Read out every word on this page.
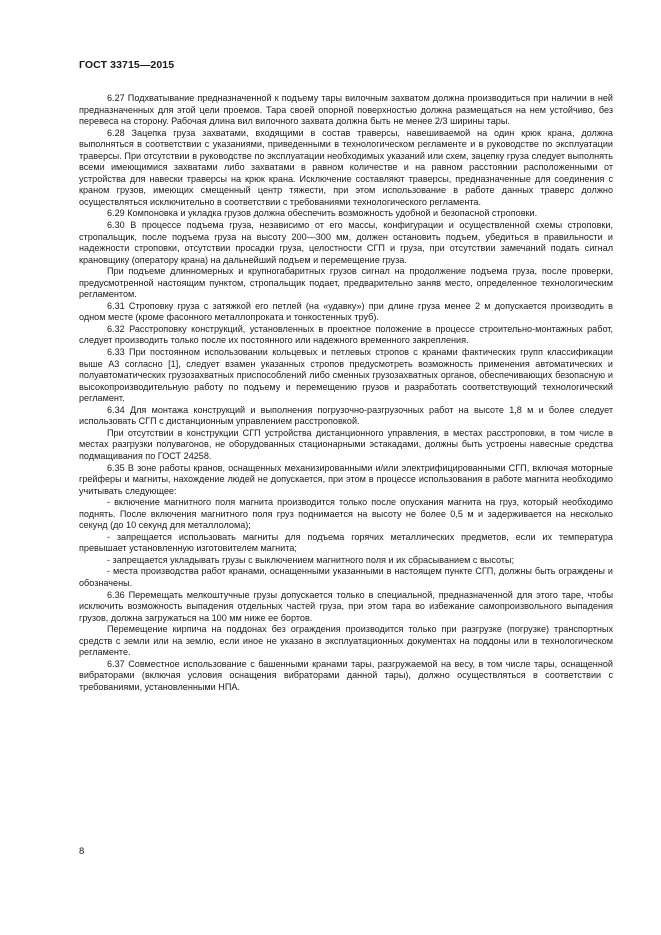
ГОСТ 33715—2015

6.27 Подхватывание предназначенной к подъему тары вилочным захватом должна производиться при наличии в ней предназначенных для этой цели проемов. Тара своей опорной поверхностью должна размещаться на нем устойчиво, без перевеса на сторону. Рабочая длина вил вилочного захвата должна быть не менее 2/3 ширины тары.

6.28 Зацепка груза захватами, входящими в состав траверсы, навешиваемой на один крюк крана, должна выполняться в соответствии с указаниями, приведенными в технологическом регламенте и в руководстве по эксплуатации траверсы. При отсутствии в руководстве по эксплуатации необходимых указаний или схем, зацепку груза следует выполнять всеми имеющимися захватами либо захватами в равном количестве и на равном расстоянии расположенными от устройства для навески траверсы на крюк крана. Исключение составляют траверсы, предназначенные для соединения с краном грузов, имеющих смещенный центр тяжести, при этом использование в работе данных траверс должно осуществляться исключительно в соответствии с требованиями технологического регламента.

6.29 Компоновка и укладка грузов должна обеспечить возможность удобной и безопасной строповки.

6.30 В процессе подъема груза, независимо от его массы, конфигурации и осуществленной схемы строповки, стропальщик, после подъема груза на высоту 200—300 мм, должен остановить подъем, убедиться в правильности и надежности строповки, отсутствии просадки груза, целостности СГП и груза, при отсутствии замечаний подать сигнал крановщику (оператору крана) на дальнейший подъем и перемещение груза.

При подъеме длинномерных и крупногабаритных грузов сигнал на продолжение подъема груза, после проверки, предусмотренной настоящим пунктом, стропальщик подает, предварительно заняв место, определенное технологическим регламентом.

6.31 Строповку груза с затяжкой его петлей (на «удавку») при длине груза менее 2 м допускается производить в одном месте (кроме фасонного металлопроката и тонкостенных труб).

6.32 Расстроповку конструкций, установленных в проектное положение в процессе строительно-монтажных работ, следует производить только после их постоянного или надежного временного закрепления.

6.33 При постоянном использовании кольцевых и петлевых стропов с кранами фактических групп классификации выше А3 согласно [1], следует взамен указанных стропов предусмотреть возможность применения автоматических и полуавтоматических грузозахватных приспособлений либо сменных грузозахватных органов, обеспечивающих безопасную и высокопроизводительную работу по подъему и перемещению грузов и разработать соответствующий технологический регламент.

6.34 Для монтажа конструкций и выполнения погрузочно-разгрузочных работ на высоте 1,8 м и более следует использовать СГП с дистанционным управлением расстроповкой.

При отсутствии в конструкции СГП устройства дистанционного управления, в местах расстроповки, в том числе в местах разгрузки полувагонов, не оборудованных стационарными эстакадами, должны быть устроены навесные средства подмащивания по ГОСТ 24258.

6.35 В зоне работы кранов, оснащенных механизированными и/или электрифицированными СГП, включая моторные грейферы и магниты, нахождение людей не допускается, при этом в процессе использования в работе магнита необходимо учитывать следующее:

- включение магнитного поля магнита производится только после опускания магнита на груз, который необходимо поднять. После включения магнитного поля груз поднимается на высоту не более 0,5 м и задерживается на несколько секунд (до 10 секунд для металлолома);

- запрещается использовать магниты для подъема горячих металлических предметов, если их температура превышает установленную изготовителем магнита;

- запрещается укладывать грузы с выключением магнитного поля и их сбрасыванием с высоты;

- места производства работ кранами, оснащенными указанными в настоящем пункте СГП, должны быть ограждены и обозначены.

6.36 Перемещать мелкоштучные грузы допускается только в специальной, предназначенной для этого таре, чтобы исключить возможность выпадения отдельных частей груза, при этом тара во избежание самопроизвольного выпадения грузов, должна загружаться на 100 мм ниже ее бортов.

Перемещение кирпича на поддонах без ограждения производится только при разгрузке (погрузке) транспортных средств с земли или на землю, если иное не указано в эксплуатационных документах на поддоны или в технологическом регламенте.

6.37 Совместное использование с башенными кранами тары, разгружаемой на весу, в том числе тары, оснащенной вибраторами (включая условия оснащения вибраторами данной тары), должно осуществляться в соответствии с требованиями, установленными НПА.

8
